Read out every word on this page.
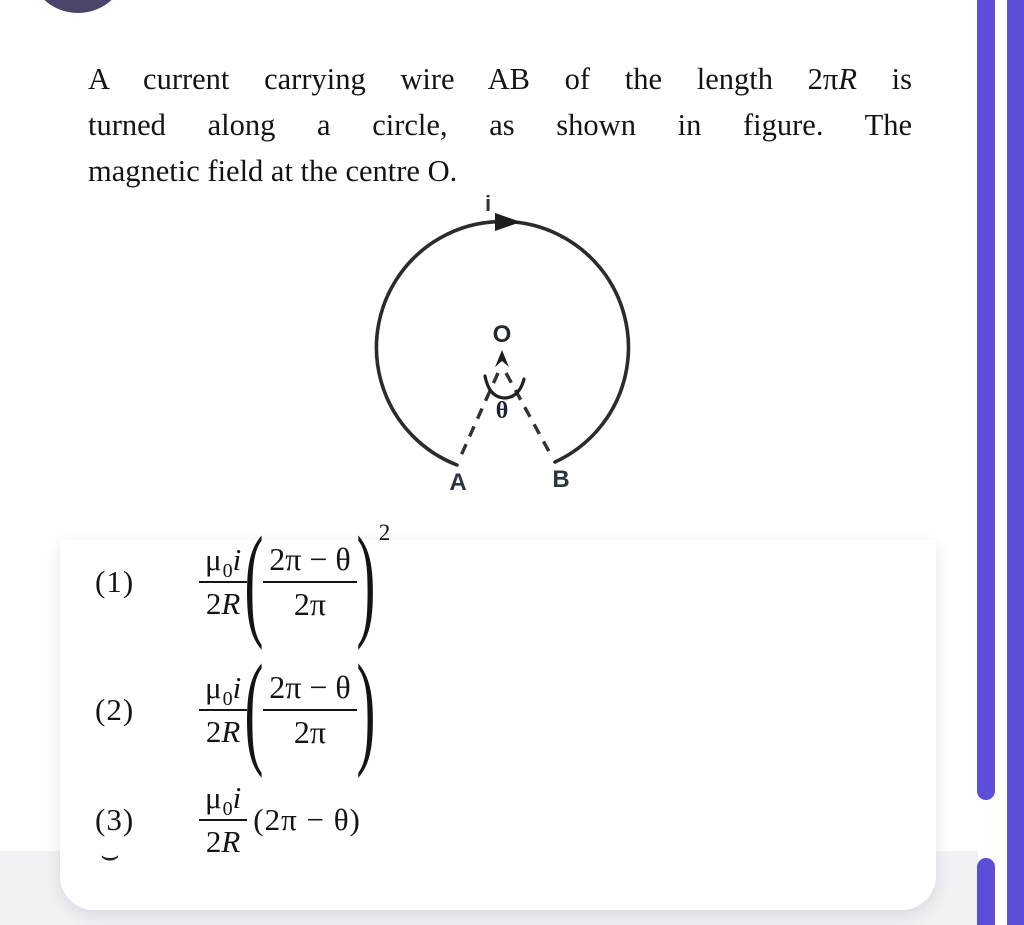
A current carrying wire AB of the length 2πR is
turned along a circle, as shown in figure. The
magnetic field at the centre O.
i
O
θ
A	B
(1)	$\frac{\mu 0 i}{2 R}$
( $\frac{2\pi - \theta}{2\pi}$ ) 2
(2)	$\frac{\mu 0 i}{2 R}$
( $\frac{2\pi - \theta}{2\pi}$ )
(3)	$\frac{\mu 0 i}{2 R} (2\pi - \theta)$
⌣
